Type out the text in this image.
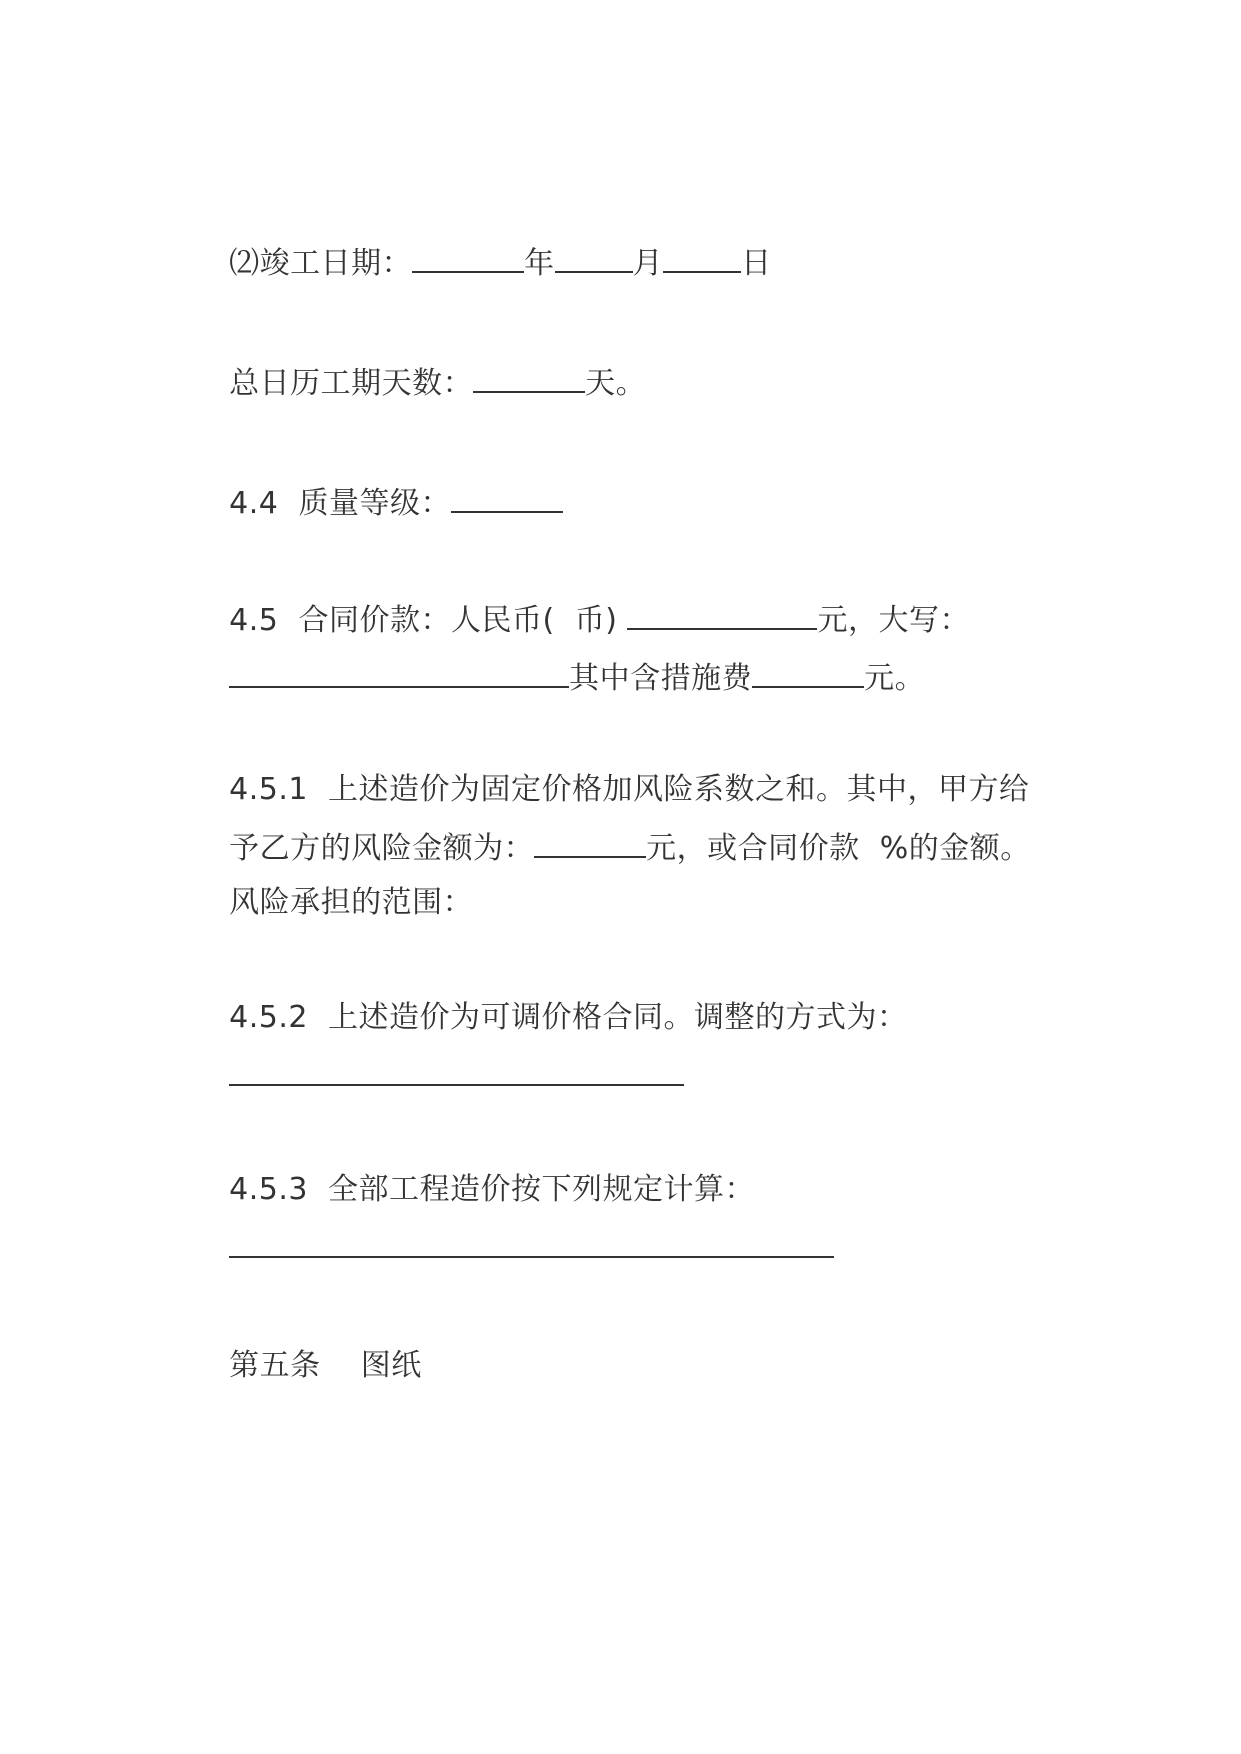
⑵竣工日期：	年	月	日

总日历工期天数：	天。

4.4  质量等级：

4.5  合同价款：人民币(  币)	元，大写：

其中含措施费	元。

4.5.1  上述造价为固定价格加风险系数之和。其中，甲方给

予乙方的风险金额为：	元，或合同价款  %的金额。

风险承担的范围：

4.5.2  上述造价为可调价格合同。调整的方式为：

4.5.3  全部工程造价按下列规定计算：

第五条    图纸
